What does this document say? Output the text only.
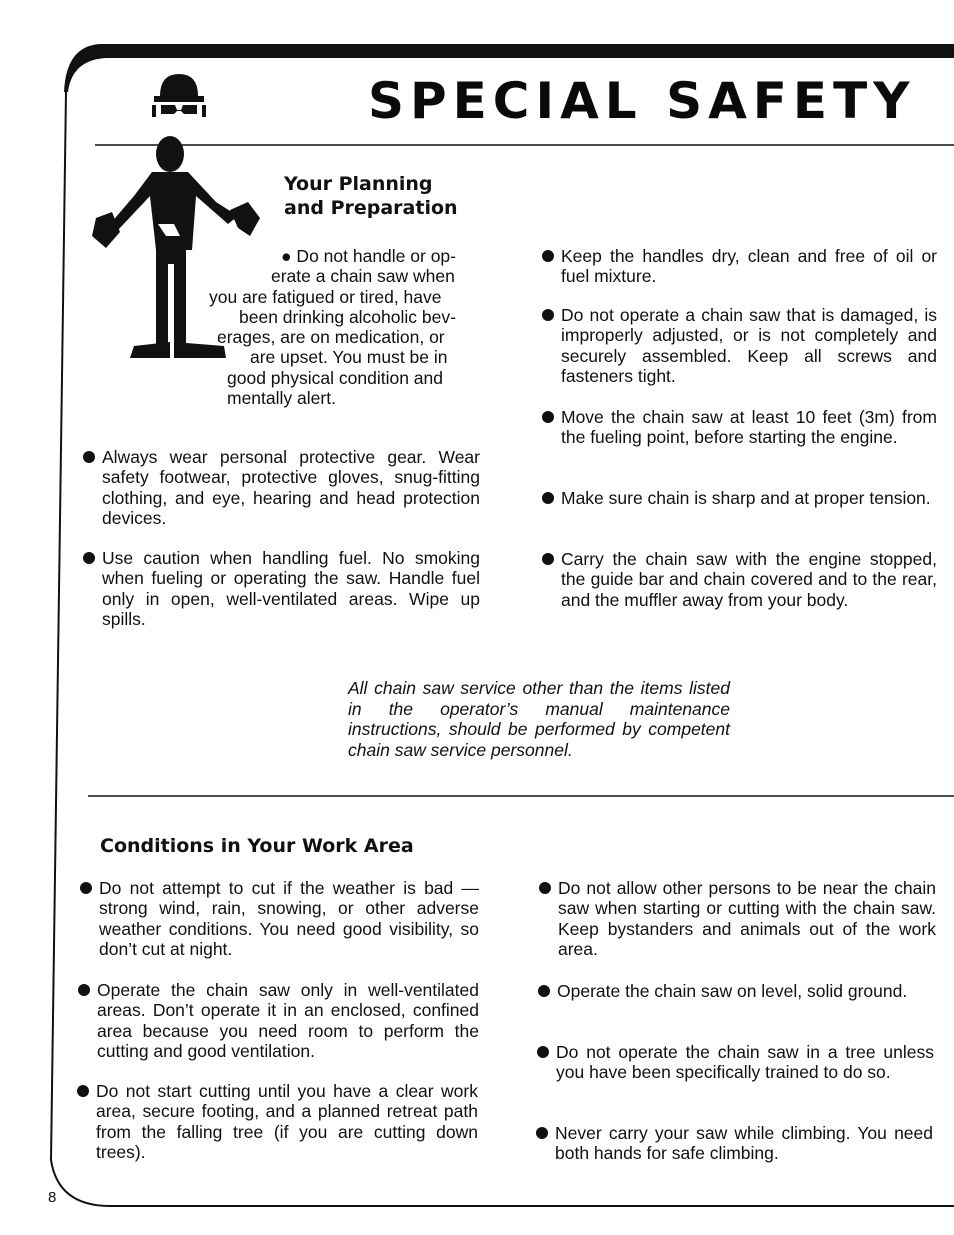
SPECIAL SAFETY
Your Planning
and Preparation
● Do not handle or op-
erate a chain saw when
you are fatigued or tired, have
been drinking alcoholic bev-
erages, are on medication, or
are upset. You must be in
good physical condition and
mentally alert.

Always wear personal protective gear. Wear safety footwear, protective gloves, snug-fitting clothing, and eye, hearing and head protection devices.

Use caution when handling fuel. No smoking when fueling or operating the saw. Handle fuel only in open, well-ventilated areas. Wipe up spills.

Keep the handles dry, clean and free of oil or fuel mixture.

Do not operate a chain saw that is damaged, is improperly adjusted, or is not completely and securely assembled. Keep all screws and fasteners tight.

Move the chain saw at least 10 feet (3m) from the fueling point, before starting the engine.

Make sure chain is sharp and at proper tension.

Carry the chain saw with the engine stopped, the guide bar and chain covered and to the rear, and the muffler away from your body.

All chain saw service other than the items listed in the operator’s manual maintenance instructions, should be performed by competent chain saw service personnel.

Conditions in Your Work Area

Do not attempt to cut if the weather is bad — strong wind, rain, snowing, or other adverse weather conditions. You need good visibility, so don’t cut at night.

Operate the chain saw only in well-ventilated areas. Don’t operate it in an enclosed, confined area because you need room to perform the cutting and good ventilation.

Do not start cutting until you have a clear work area, secure footing, and a planned retreat path from the falling tree (if you are cutting down trees).

Do not allow other persons to be near the chain saw when starting or cutting with the chain saw. Keep bystanders and animals out of the work area.

Operate the chain saw on level, solid ground.

Do not operate the chain saw in a tree unless you have been specifically trained to do so.

Never carry your saw while climbing. You need both hands for safe climbing.

8
